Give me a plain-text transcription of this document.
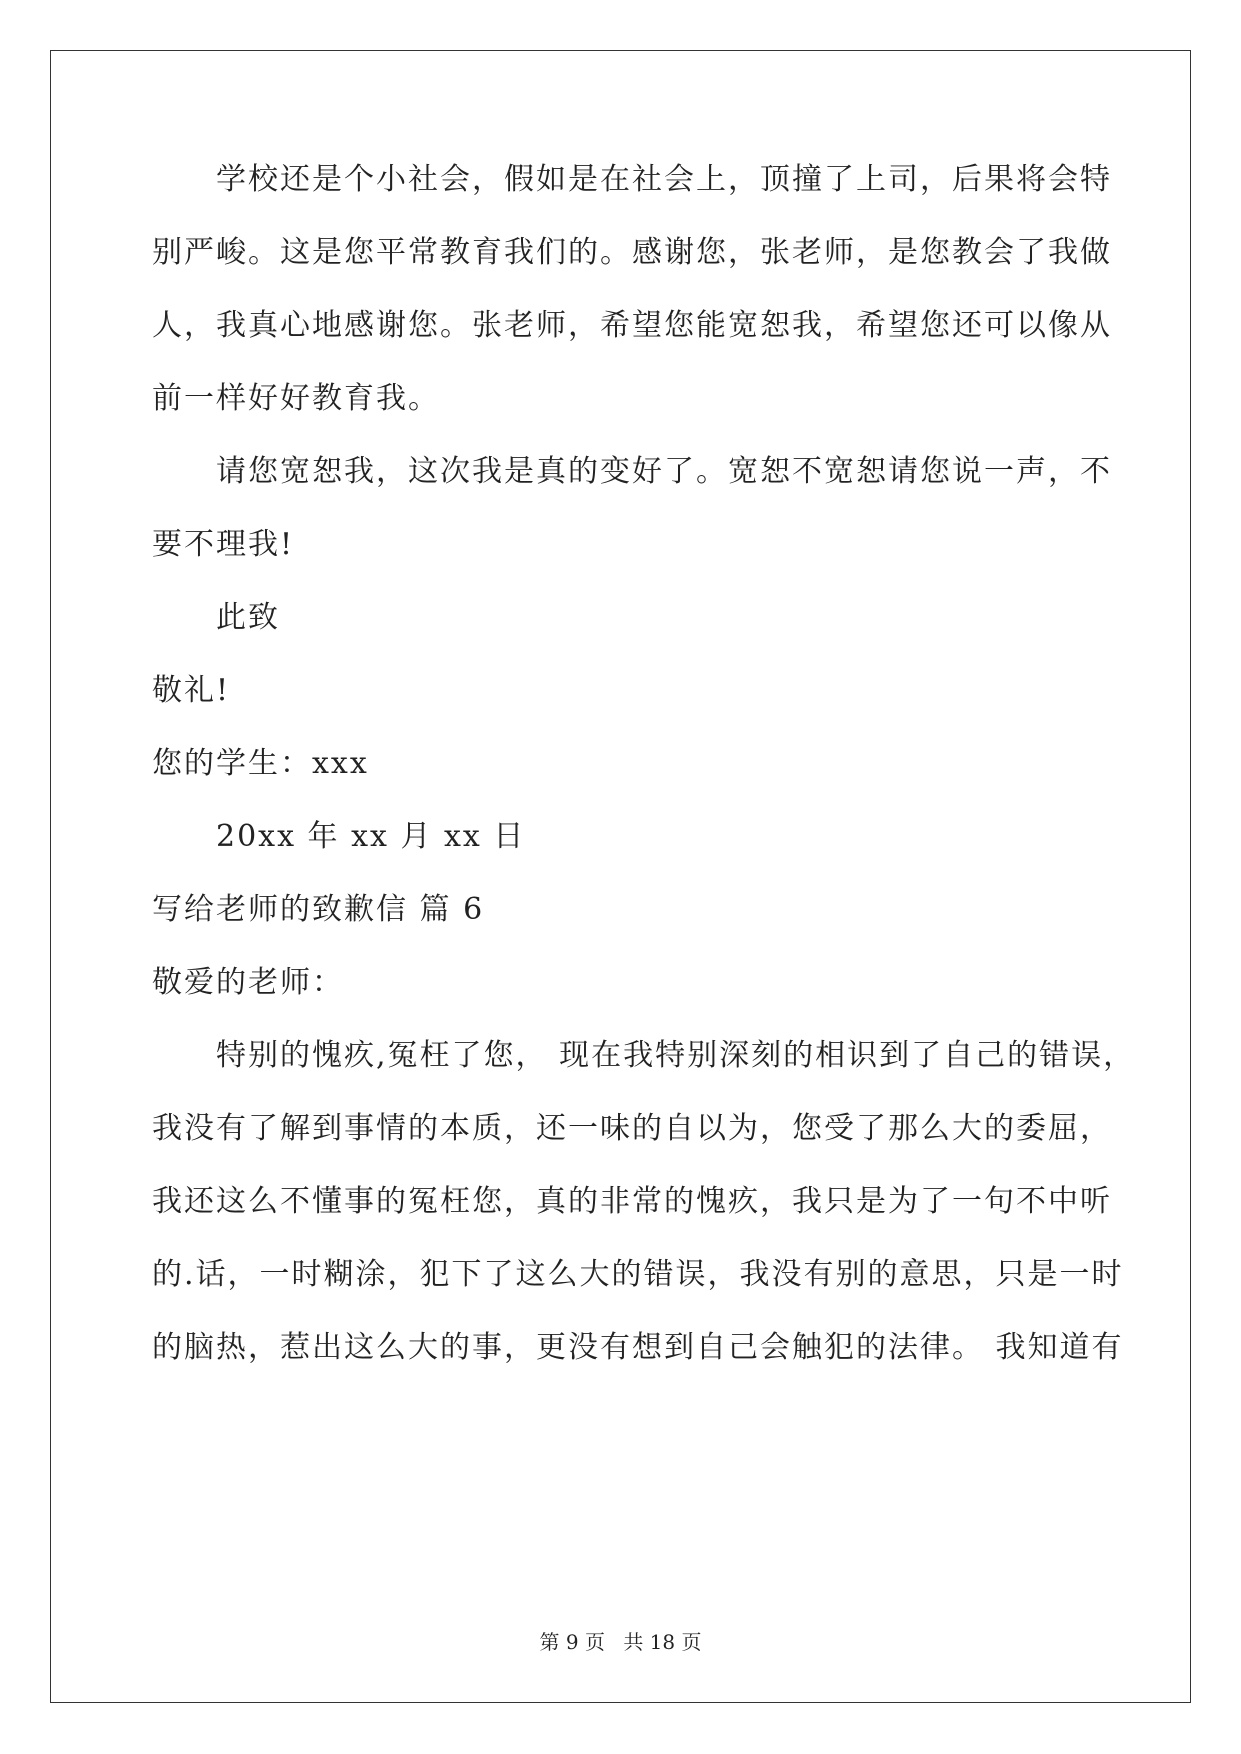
学校还是个小社会，假如是在社会上，顶撞了上司，后果将会特
别严峻。这是您平常教育我们的。感谢您，张老师，是您教会了我做
人，我真心地感谢您。张老师，希望您能宽恕我，希望您还可以像从
前一样好好教育我。
请您宽恕我，这次我是真的变好了。宽恕不宽恕请您说一声，不
要不理我!
此致
敬礼!
您的学生：xxx
20xx 年 xx 月 xx 日
写给老师的致歉信 篇 6
敬爱的老师：
特别的愧疚,冤枉了您， 现在我特别深刻的相识到了自己的错误，
我没有了解到事情的本质，还一味的自以为，您受了那么大的委屈，
我还这么不懂事的冤枉您，真的非常的愧疚，我只是为了一句不中听
的.话，一时糊涂，犯下了这么大的错误，我没有别的意思，只是一时
的脑热，惹出这么大的事，更没有想到自己会触犯的法律。 我知道有
第 9 页 共 18 页
